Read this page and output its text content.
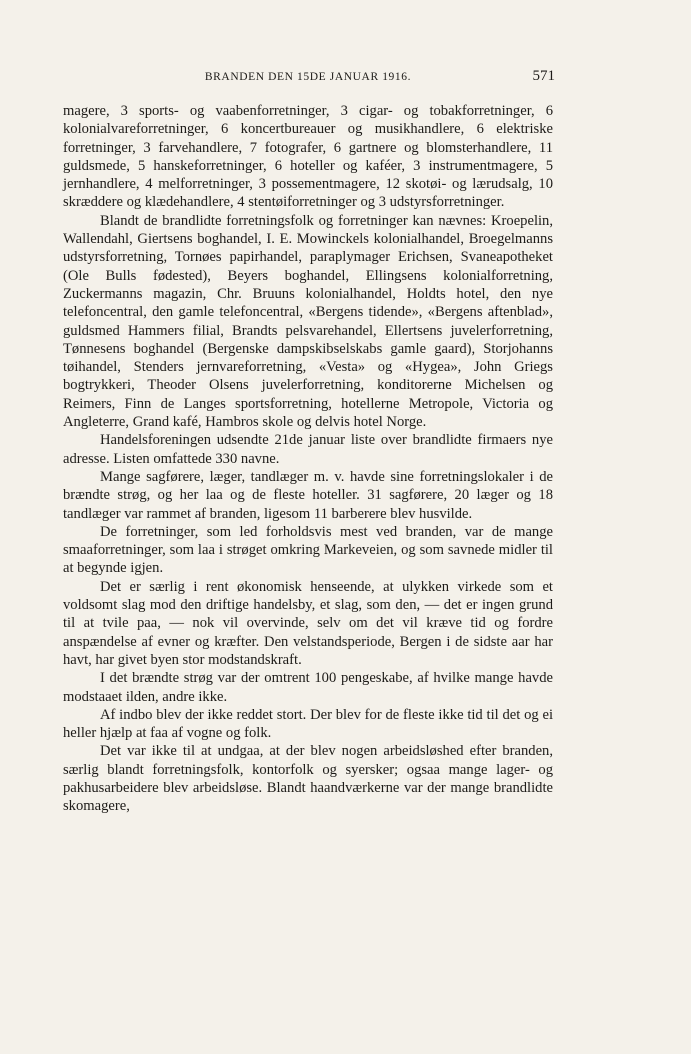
BRANDEN DEN 15DE JANUAR 1916.	571

magere, 3 sports- og vaabenforretninger, 3 cigar- og tobakforretninger, 6 kolonialvareforretninger, 6 koncertbureauer og musikhandlere, 6 elektriske forretninger, 3 farvehandlere, 7 fotografer, 6 gartnere og blomsterhandlere, 11 guldsmede, 5 hanskeforretninger, 6 hoteller og kaféer, 3 instrumentmagere, 5 jernhandlere, 4 melforretninger, 3 possementmagere, 12 skotøi- og lærudsalg, 10 skræddere og klædehandlere, 4 stentøiforretninger og 3 udstyrsforretninger.

Blandt de brandlidte forretningsfolk og forretninger kan nævnes: Kroepelin, Wallendahl, Giertsens boghandel, I. E. Mowinckels kolonialhandel, Broegelmanns udstyrsforretning, Tornøes papirhandel, paraplymager Erichsen, Svaneapotheket (Ole Bulls fødested), Beyers boghandel, Ellingsens kolonialforretning, Zuckermanns magazin, Chr. Bruuns kolonialhandel, Holdts hotel, den nye telefoncentral, den gamle telefoncentral, «Bergens tidende», «Bergens aftenblad», guldsmed Hammers filial, Brandts pelsvarehandel, Ellertsens juvelerforretning, Tønnesens boghandel (Bergenske dampskibselskabs gamle gaard), Storjohanns tøihandel, Stenders jernvareforretning, «Vesta» og «Hygea», John Griegs bogtrykkeri, Theoder Olsens juvelerforretning, konditorerne Michelsen og Reimers, Finn de Langes sportsforretning, hotellerne Metropole, Victoria og Angleterre, Grand kafé, Hambros skole og delvis hotel Norge.

Handelsforeningen udsendte 21de januar liste over brandlidte firmaers nye adresse. Listen omfattede 330 navne.

Mange sagførere, læger, tandlæger m. v. havde sine forretningslokaler i de brændte strøg, og her laa og de fleste hoteller. 31 sagførere, 20 læger og 18 tandlæger var rammet af branden, ligesom 11 barberere blev husvilde.

De forretninger, som led forholdsvis mest ved branden, var de mange smaaforretninger, som laa i strøget omkring Markeveien, og som savnede midler til at begynde igjen.

Det er særlig i rent økonomisk henseende, at ulykken virkede som et voldsomt slag mod den driftige handelsby, et slag, som den, — det er ingen grund til at tvile paa, — nok vil overvinde, selv om det vil kræve tid og fordre anspændelse af evner og kræfter. Den velstandsperiode, Bergen i de sidste aar har havt, har givet byen stor modstandskraft.

I det brændte strøg var der omtrent 100 pengeskabe, af hvilke mange havde modstaaet ilden, andre ikke.

Af indbo blev der ikke reddet stort. Der blev for de fleste ikke tid til det og ei heller hjælp at faa af vogne og folk.

Det var ikke til at undgaa, at der blev nogen arbeidsløshed efter branden, særlig blandt forretningsfolk, kontorfolk og syersker; ogsaa mange lager- og pakhusarbeidere blev arbeidsløse. Blandt haandværkerne var der mange brandlidte skomagere,
